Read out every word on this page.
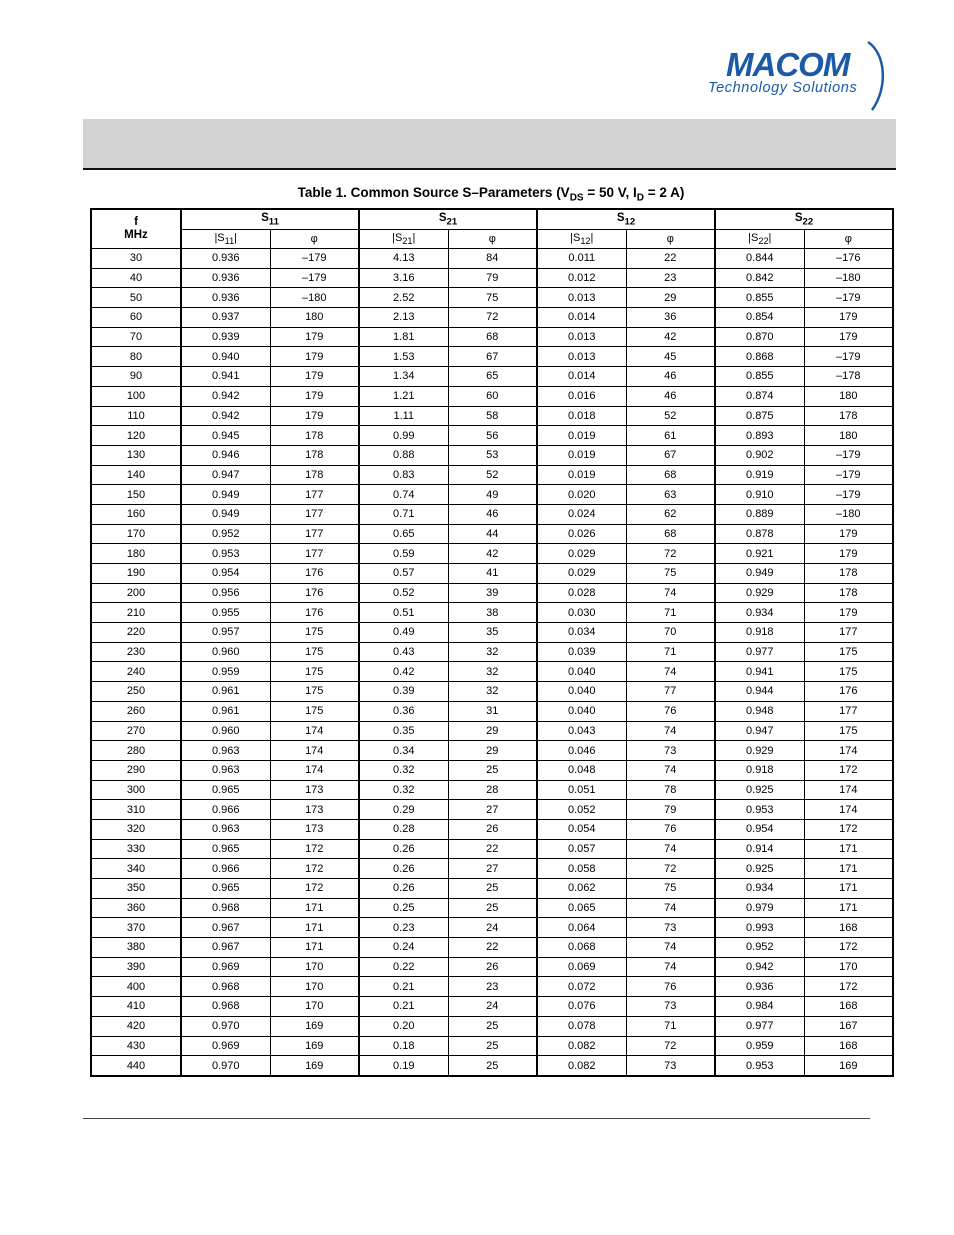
MACOM
Technology Solutions
Table 1. Common Source S–Parameters ($V_{DS} = 50$ V, $I_D = 2$ A)
f
MHz	$S_{11}$		$S_{21}$		$S_{12}$		$S_{22}$
	$|S_{11}|$	φ	$|S_{21}|$	φ	$|S_{12}|$	φ	$|S_{22}|$	φ
30	0.936	–179	4.13	84	0.011	22	0.844	–176
40	0.936	–179	3.16	79	0.012	23	0.842	–180
50	0.936	–180	2.52	75	0.013	29	0.855	–179
60	0.937	180	2.13	72	0.014	36	0.854	179
70	0.939	179	1.81	68	0.013	42	0.870	179
80	0.940	179	1.53	67	0.013	45	0.868	–179
90	0.941	179	1.34	65	0.014	46	0.855	–178
100	0.942	179	1.21	60	0.016	46	0.874	180
110	0.942	179	1.11	58	0.018	52	0.875	178
120	0.945	178	0.99	56	0.019	61	0.893	180
130	0.946	178	0.88	53	0.019	67	0.902	–179
140	0.947	178	0.83	52	0.019	68	0.919	–179
150	0.949	177	0.74	49	0.020	63	0.910	–179
160	0.949	177	0.71	46	0.024	62	0.889	–180
170	0.952	177	0.65	44	0.026	68	0.878	179
180	0.953	177	0.59	42	0.029	72	0.921	179
190	0.954	176	0.57	41	0.029	75	0.949	178
200	0.956	176	0.52	39	0.028	74	0.929	178
210	0.955	176	0.51	38	0.030	71	0.934	179
220	0.957	175	0.49	35	0.034	70	0.918	177
230	0.960	175	0.43	32	0.039	71	0.977	175
240	0.959	175	0.42	32	0.040	74	0.941	175
250	0.961	175	0.39	32	0.040	77	0.944	176
260	0.961	175	0.36	31	0.040	76	0.948	177
270	0.960	174	0.35	29	0.043	74	0.947	175
280	0.963	174	0.34	29	0.046	73	0.929	174
290	0.963	174	0.32	25	0.048	74	0.918	172
300	0.965	173	0.32	28	0.051	78	0.925	174
310	0.966	173	0.29	27	0.052	79	0.953	174
320	0.963	173	0.28	26	0.054	76	0.954	172
330	0.965	172	0.26	22	0.057	74	0.914	171
340	0.966	172	0.26	27	0.058	72	0.925	171
350	0.965	172	0.26	25	0.062	75	0.934	171
360	0.968	171	0.25	25	0.065	74	0.979	171
370	0.967	171	0.23	24	0.064	73	0.993	168
380	0.967	171	0.24	22	0.068	74	0.952	172
390	0.969	170	0.22	26	0.069	74	0.942	170
400	0.968	170	0.21	23	0.072	76	0.936	172
410	0.968	170	0.21	24	0.076	73	0.984	168
420	0.970	169	0.20	25	0.078	71	0.977	167
430	0.969	169	0.18	25	0.082	72	0.959	168
440	0.970	169	0.19	25	0.082	73	0.953	169
